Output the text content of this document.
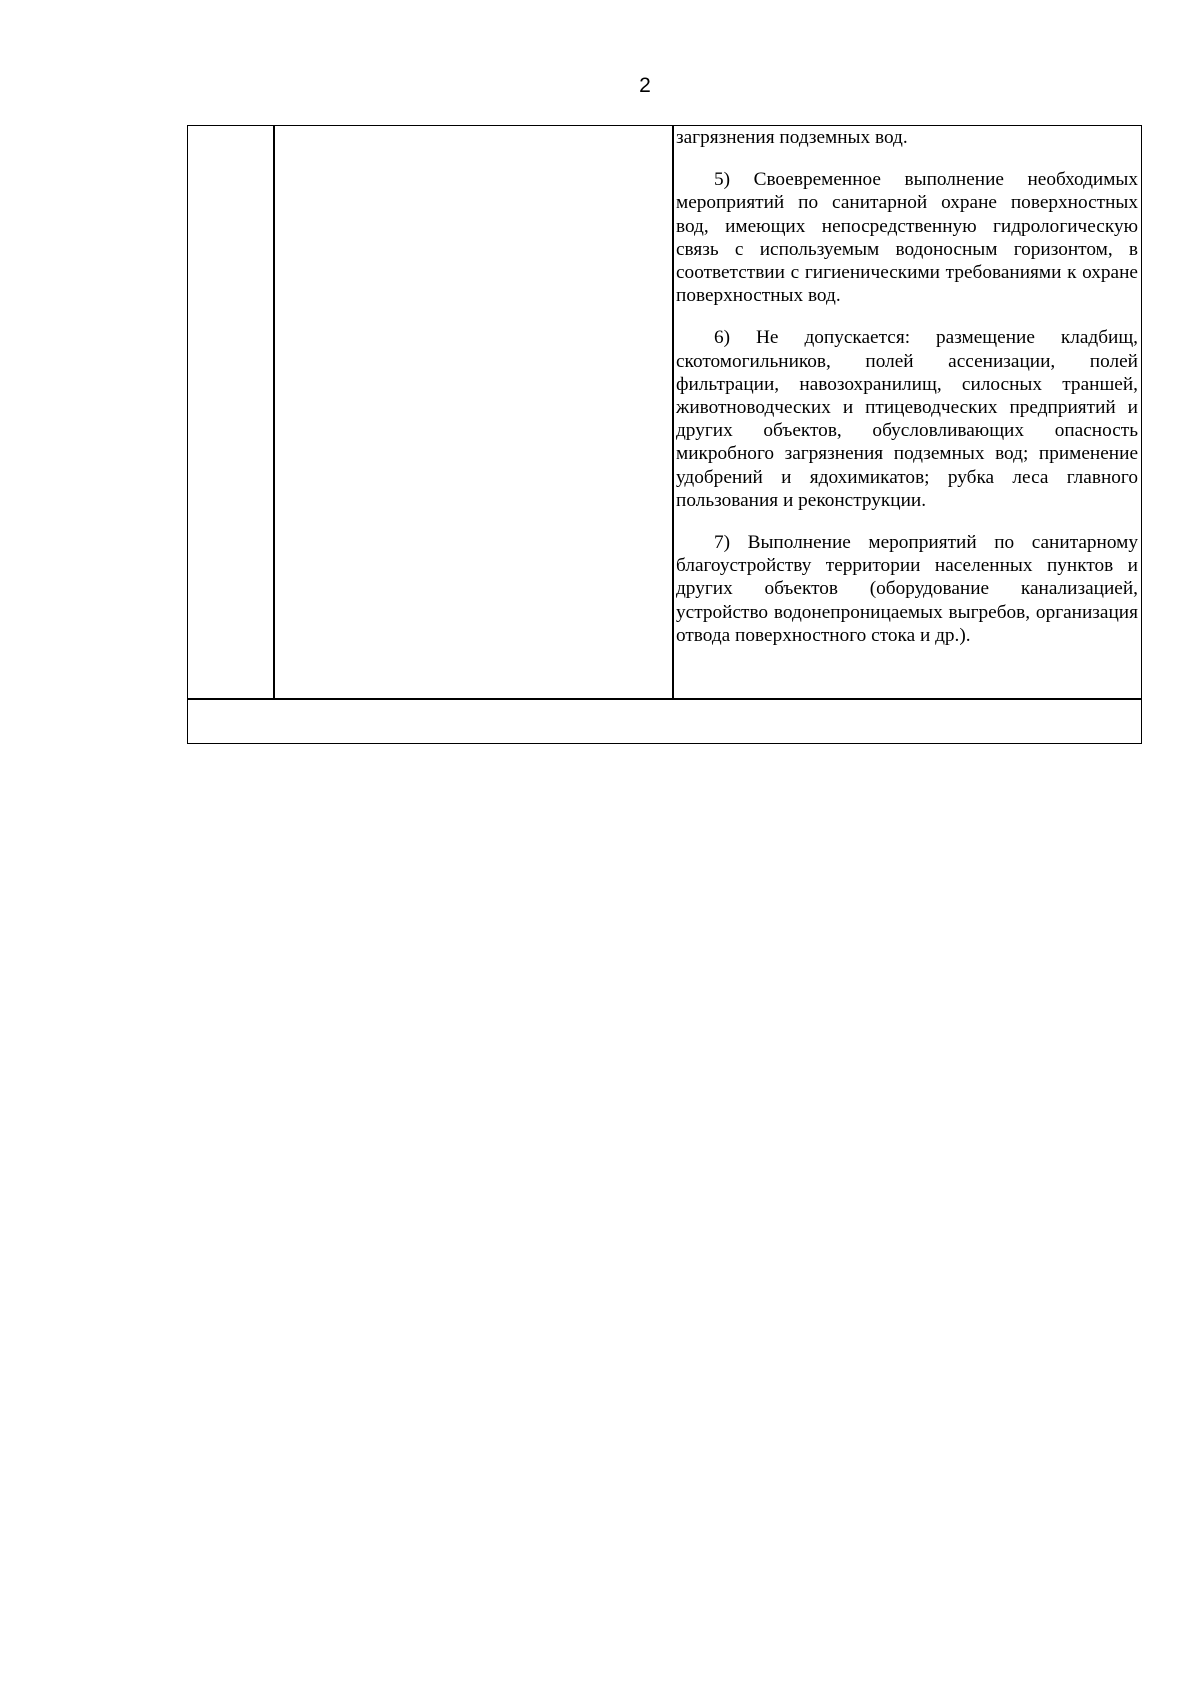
2

загрязнения подземных вод.

5) Своевременное выполнение необходимых мероприятий по санитарной охране поверхностных вод, имеющих непосредственную гидрологическую связь с используемым водоносным горизонтом, в соответствии с гигиеническими требованиями к охране поверхностных вод.

6) Не допускается: размещение кладбищ, скотомогильников, полей ассенизации, полей фильтрации, навозохранилищ, силосных траншей, животноводческих и птицеводческих предприятий и других объектов, обусловливающих опасность микробного загрязнения подземных вод; применение удобрений и ядохимикатов; рубка леса главного пользования и реконструкции.

7) Выполнение мероприятий по санитарному благоустройству территории населенных пунктов и других объектов (оборудование канализацией, устройство водонепроницаемых выгребов, организация отвода поверхностного стока и др.).
